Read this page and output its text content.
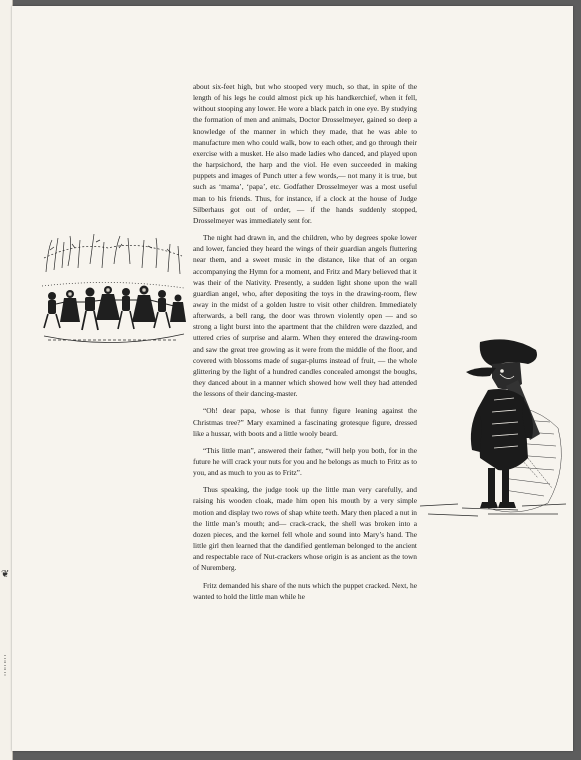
❦
⋮
⋮
⋮

about six-feet high, but who stooped very much, so that, in spite of the length of his legs he could almost pick up his handkerchief, when it fell, without stooping any lower. He wore a black patch in one eye. By studying the formation of men and animals, Doctor Drosselmeyer, gained so deep a knowledge of the manner in which they made, that he was able to manufacture men who could walk, bow to each other, and go through their exercise with a musket. He also made ladies who danced, and played upon the harpsichord, the harp and the viol. He even succeeded in making puppets and images of Punch utter a few words,— not many it is true, but such as ‘mama’, ‘papa’, etc. Godfather Drosselmeyer was a most useful man to his friends. Thus, for instance, if a clock at the house of Judge Silberhaus got out of order, — if the hands suddenly stopped, Drosselmeyer was immediately sent for.

The night had drawn in, and the children, who by degrees spoke lower and lower, fancied they heard the wings of their guardian angels fluttering near them, and a sweet music in the distance, like that of an organ accompanying the Hymn for a moment, and Fritz and Mary believed that it was their of the Nativity. Presently, a sudden light shone upon the wall guardian angel, who, after depositing the toys in the drawing-room, flew away in the midst of a golden lustre to visit other children. Immediately afterwards, a bell rang, the door was thrown violently open — and so strong a light burst into the apartment that the children were dazzled, and uttered cries of surprise and alarm. When they entered the drawing-room and saw the great tree growing as it were from the middle of the floor, and covered with blossoms made of sugar-plums instead of fruit, — the whole glittering by the light of a hundred candles concealed amongst the boughs, they danced about in a manner which showed how well they had attended the lessons of their dancing-master.

“Oh! dear papa, whose is that funny figure leaning against the Christmas tree?” Mary examined a fascinating grotesque figure, dressed like a hussar, with boots and a little wooly beard.

“This little man”, answered their father, “will help you both, for in the future he will crack your nuts for you and he belongs as much to Fritz as to you, and as much to you as to Fritz”.

Thus speaking, the judge took up the little man very carefully, and raising his wooden cloak, made him open his mouth by a very simple motion and display two rows of shap white teeth. Mary then placed a nut in the little man’s mouth; and— crack-crack, the shell was broken into a dozen pieces, and the kernel fell whole and sound into Mary’s hand. The little girl then learned that the dandified gentleman belonged to the ancient and respectable race of Nut-crackers whose origin is as ancient as the town of Nuremberg.

Fritz demanded his share of the nuts which the puppet cracked. Next, he wanted to hold the little man while he
